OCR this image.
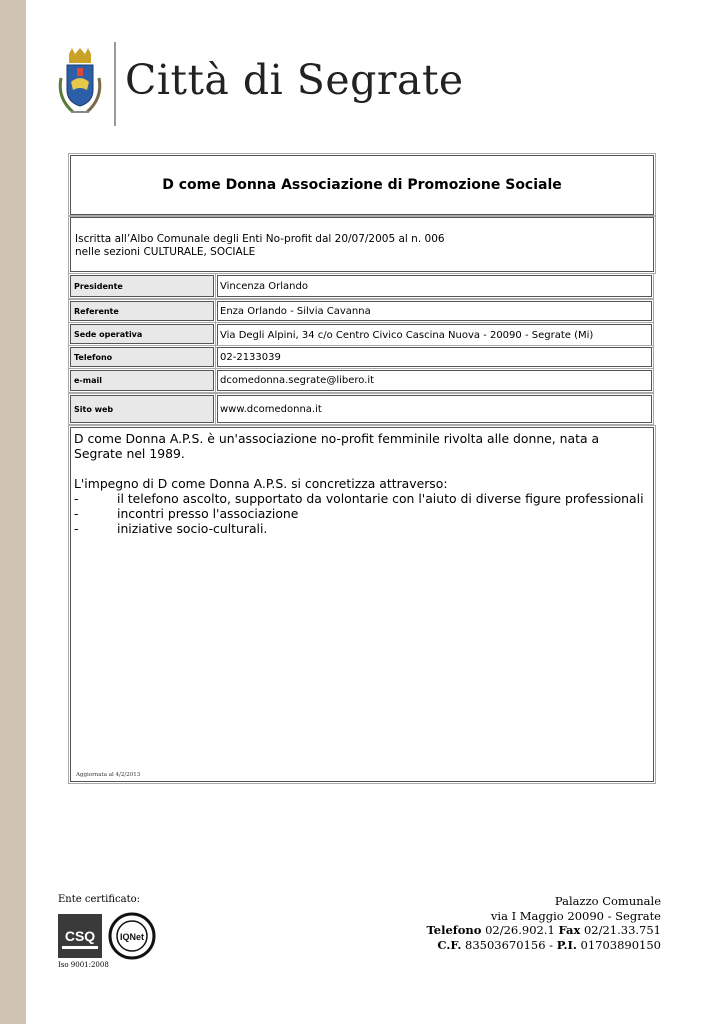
Città di Segrate
D come Donna Associazione di Promozione Sociale
Iscritta all’Albo Comunale degli Enti No-profit dal 20/07/2005 al n. 006
nelle sezioni CULTURALE, SOCIALE
Presidente	Vincenza Orlando
Referente	Enza Orlando - Silvia Cavanna
Sede operativa	Via Degli Alpini, 34 c/o Centro Civico Cascina Nuova - 20090 - Segrate (Mi)
Telefono	02-2133039
e-mail	dcomedonna.segrate@libero.it
Sito web	www.dcomedonna.it

D come Donna A.P.S. è un'associazione no-profit femminile rivolta alle donne, nata a Segrate nel 1989.

L'impegno di D come Donna A.P.S. si concretizza attraverso:

-	il telefono ascolto, supportato da volontarie con l'aiuto di diverse figure professionali
-	incontri presso l'associazione
-	iniziative socio-culturali.
Aggiornata al 4/2/2013
Ente certificato:
CSQ	IQNet
Iso 9001:2008
Palazzo Comunale
via I Maggio 20090 - Segrate
Telefono 02/26.902.1 Fax 02/21.33.751
C.F. 83503670156 - P.I. 01703890150
